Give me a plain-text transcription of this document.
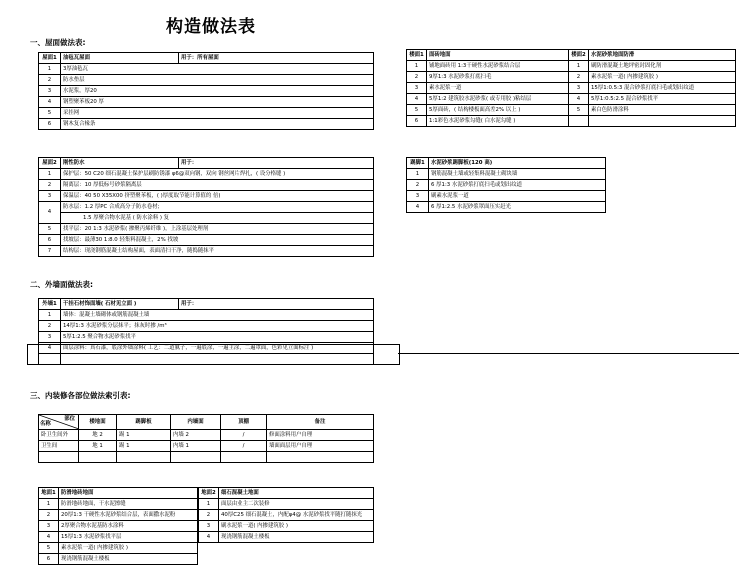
构造做法表
一、屋面做法表:
二、外墙面做法表:
三、内装修各部位做法索引表:
屋面1	油毡瓦屋面	用于：所有屋面
1	3厚油毡瓦	
2	防水垫层	
3	水泥浆，厚20	
4	钢塑聚苯板20 厚	
5	采挂网	
6	钢木复合椽条	
楼面1	面砖地面	楼面2	水泥砂浆地面防滑
1	铺地面砖用 1:3干硬性水泥砂浆结合层	1	刷防滑混凝土地坪密封固化剂
2	9厚1:3 水泥砂浆打底扫毛	2	素水泥浆一道( 内掺建筑胶 )
3	素水泥浆一道	3	15厚1:0.5:3 混合砂浆打底扫毛或划出纹道
4	5厚1:2 建筑胶水泥砂浆( 或专用胶 )粘结层	4	5厚1:0.5:2.5 混合砂浆找平
5	5厚面砖，( 结构楼板面高差2% 以上 )	5	素白色防滑涂料
6	1:1彩色水泥砂浆勾缝( 白水泥勾缝 )		
屋面2	刚性防水	用于：
1	保护层：50 C20 细石混凝土保护层刷防锈漆 φ6@双向钢，双向 钢丝网片焊扎，( 设分格缝 )	
2	隔离层：10 厚低标号砂浆隔离层	
3	保温层：40 50 X35X00 挤塑聚苯板，( )厚度取节能计算值的 倍)	
4	防水层：1.2 厚PC 合成高分子防水卷材;	
	1.5 厚聚合物水泥基 ( 防水涂料 ) 复	
5	找平层：20 1:3 水泥砂浆( 掺聚丙烯纤维 )，上涂基层处理剂	
6	找坡层：最薄30 1:8.0 轻集料混凝土，2% 找坡	
7	结构层：现浇钢筋混凝土结构屋面，表面清扫干净，随捣随抹平	
踢脚1	水泥砂浆踢脚板(120 高)
1	钢筋混凝土墙或轻集料混凝土砌块墙
2	6 厚1:3 水泥砂浆打底扫毛或划出纹道
3	刷素水泥浆一道
4	6 厚1:2.5 水泥砂浆罩面压实赶光
外墙1	干挂石材饰面墙( 石材见立面 )	用于：
1	墙体：混凝土墙砌体或钢筋混凝土墙	
2	14厚1:3 水泥砂浆分层抹平；抹灰时掺 /m³	
3	5厚1:2.5 聚合物水泥砂浆找平	
4	面层涂料：真石漆，底涂外墙涂料( 工艺：二道腻子，一遍底涂，一遍主涂，二遍罩面，色彩见立面标注 )	

部位
名称	楼地面	踢脚板	内墙面	顶棚	备注
卧卫生间外	地 2	踢 1	内墙 2	/	修面涂料用户自理
卫生间	地 1	踢 1	内墙 1	/	墙面面层用户自理

地面1	防滑地砖地面
1	防滑地砖地面，干水泥擦缝
2	20厚1:3 干硬性水泥砂浆结合层，表面撒水泥粉
3	2厚聚合物水泥基防水涂料
4	15厚1:3 水泥砂浆找平层
5	素水泥浆一道( 内掺建筑胶 )
6	现浇钢筋混凝土楼板
地面2	细石混凝土地面
1	面层由业主二次装修
2	40厚C25 细石混凝土，内配φ4@ 水泥砂浆找平随打随抹光
3	刷水泥浆一道( 内掺建筑胶 )
4	现浇钢筋混凝土楼板
